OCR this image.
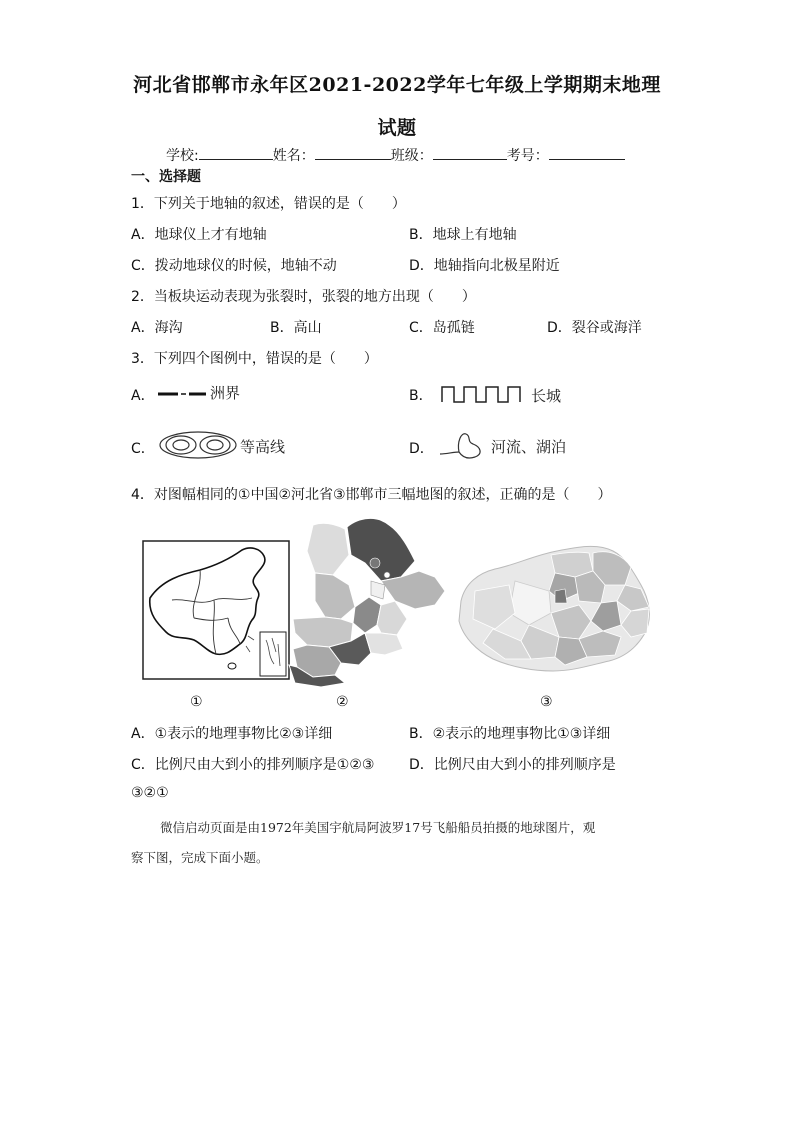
河北省邯郸市永年区2021-2022学年七年级上学期期末地理
试题
学校:	姓名：	班级：	考号：
一、选择题
1．下列关于地轴的叙述，错误的是（　　）
A．地球仪上才有地轴	B．地球上有地轴
C．拨动地球仪的时候，地轴不动	D．地轴指向北极星附近
2．当板块运动表现为张裂时，张裂的地方出现（　　）
A．海沟	B．高山	C．岛孤链	D．裂谷或海洋
3．下列四个图例中，错误的是（　　）
A．	洲界	B．	长城
C．	等高线	D．	河流、湖泊
4．对图幅相同的①中国②河北省③邯郸市三幅地图的叙述，正确的是（　　）
①	②	③
A．①表示的地理事物比②③详细	B．②表示的地理事物比①③详细
C．比例尺由大到小的排列顺序是①②③ D．比例尺由大到小的排列顺序是
③②①
微信启动页面是由1972年美国宇航局阿波罗17号飞船船员拍摄的地球图片，观
察下图，完成下面小题。
